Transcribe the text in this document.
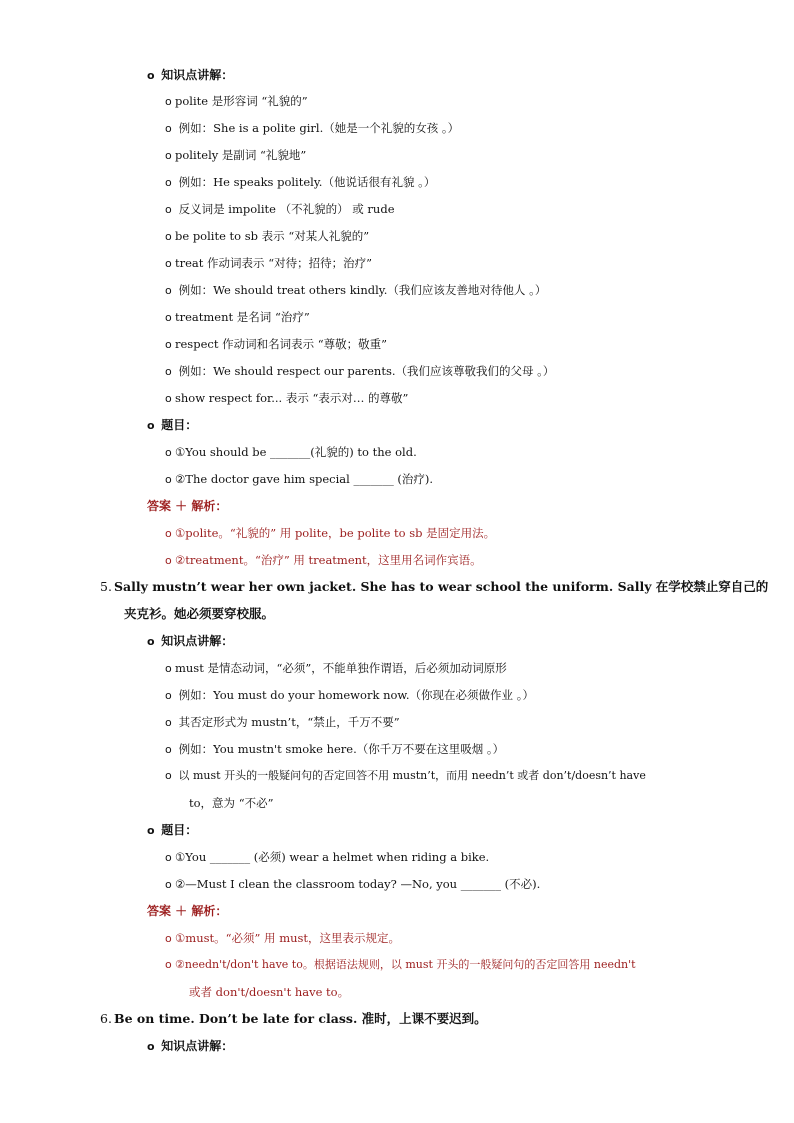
o 知识点讲解：
o polite 是形容词 “礼貌的”
o 例如：She is a polite girl.（她是一个礼貌的女孩 。）
o politely 是副词 “礼貌地”
o 例如：He speaks politely.（他说话很有礼貌 。）
o 反义词是 impolite （不礼貌的） 或 rude
o be polite to sb 表示 “对某人礼貌的”
o treat 作动词表示 “对待；招待；治疗”
o 例如：We should treat others kindly.（我们应该友善地对待他人 。）
o treatment 是名词 “治疗”
o respect 作动词和名词表示 “尊敬；敬重”
o 例如：We should respect our parents.（我们应该尊敬我们的父母 。）
o show respect for... 表示 “表示对… 的尊敬”
o 题目：
o ①You should be _______(礼貌的) to the old.
o ②The doctor gave him special _______ (治疗).
答案 ＋ 解析：
o ①polite。“礼貌的” 用 polite，be polite to sb 是固定用法。
o ②treatment。“治疗” 用 treatment，这里用名词作宾语。
5. Sally mustn’t wear her own jacket. She has to wear school the uniform. Sally 在学校禁止穿自己的
夹克衫。她必须要穿校服。
o 知识点讲解：
o must 是情态动词，“必须”，不能单独作谓语，后必须加动词原形
o 例如：You must do your homework now.（你现在必须做作业 。）
o 其否定形式为 mustn’t，“禁止，千万不要”
o 例如：You mustn't smoke here.（你千万不要在这里吸烟 。）
o 以 must 开头的一般疑问句的否定回答不用 mustn’t，而用 needn’t 或者 don’t/doesn’t have
to，意为 “不必”
o 题目：
o ①You _______ (必须) wear a helmet when riding a bike.
o ②—Must I clean the classroom today? —No, you _______ (不必).
答案 ＋ 解析：
o ①must。“必须” 用 must，这里表示规定。
o ②needn't/don't have to。根据语法规则，以 must 开头的一般疑问句的否定回答用 needn't
或者 don't/doesn't have to。
6. Be on time. Don’t be late for class. 准时，上课不要迟到。
o 知识点讲解：
